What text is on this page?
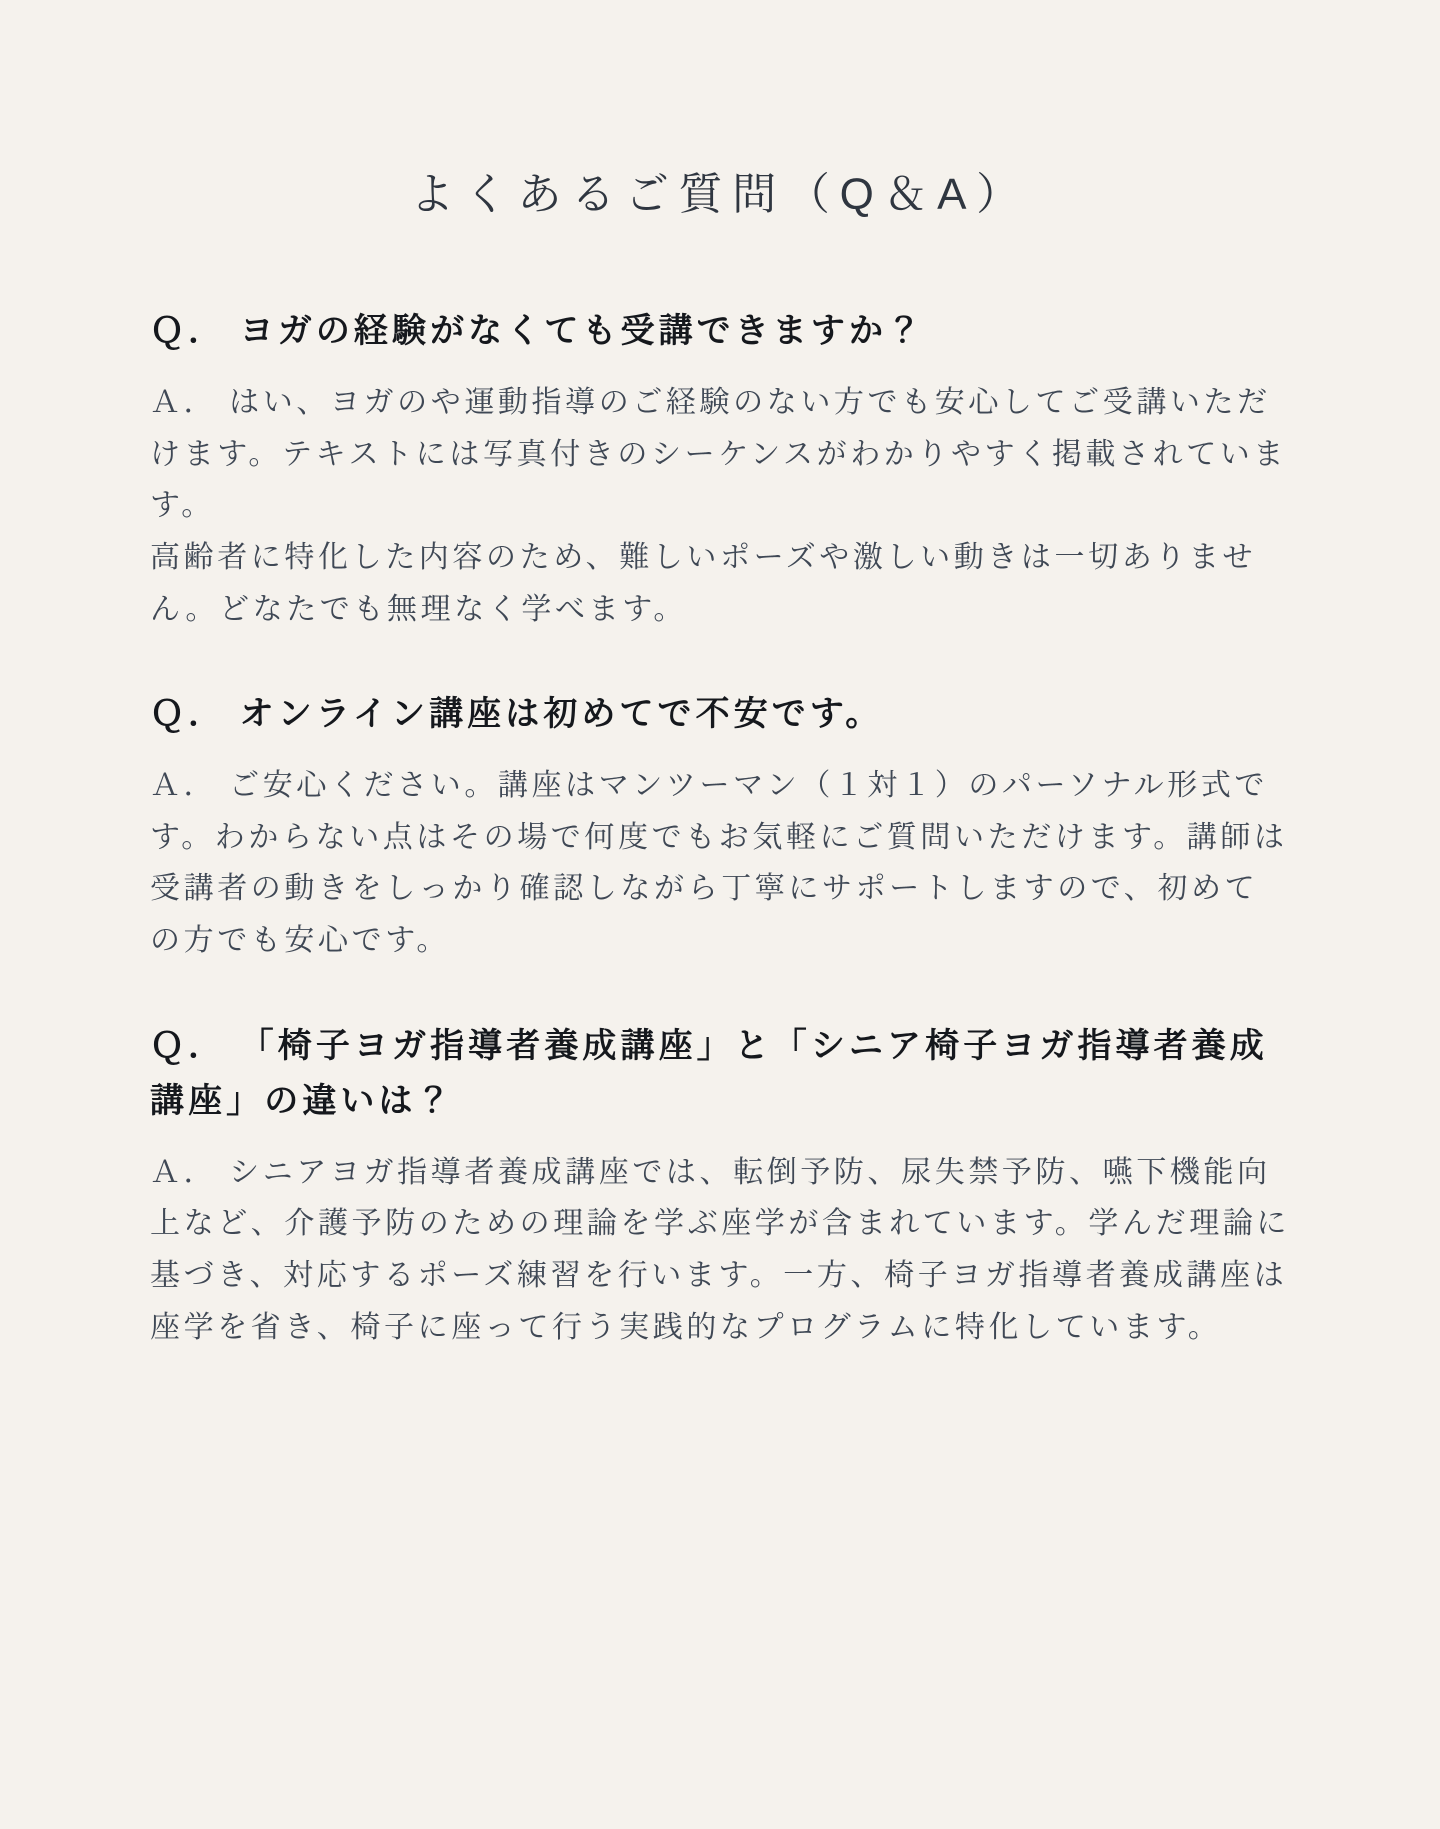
よくあるご質問（Q＆A）
Ｑ． ヨガの経験がなくても受講できますか？

Ａ． はい、ヨガのや運動指導のご経験のない方でも安心してご受講いただけます。テキストには写真付きのシーケンスがわかりやすく掲載されています。

高齢者に特化した内容のため、難しいポーズや激しい動きは一切ありません。どなたでも無理なく学べます。

Ｑ． オンライン講座は初めてで不安です。

Ａ． ご安心ください。講座はマンツーマン（１対１）のパーソナル形式です。わからない点はその場で何度でもお気軽にご質問いただけます。講師は受講者の動きをしっかり確認しながら丁寧にサポートしますので、初めての方でも安心です。

Ｑ． 「椅子ヨガ指導者養成講座」と「シニア椅子ヨガ指導者養成講座」の違いは？

Ａ． シニアヨガ指導者養成講座では、転倒予防、尿失禁予防、嚥下機能向上など、介護予防のための理論を学ぶ座学が含まれています。学んだ理論に基づき、対応するポーズ練習を行います。一方、椅子ヨガ指導者養成講座は座学を省き、椅子に座って行う実践的なプログラムに特化しています。
